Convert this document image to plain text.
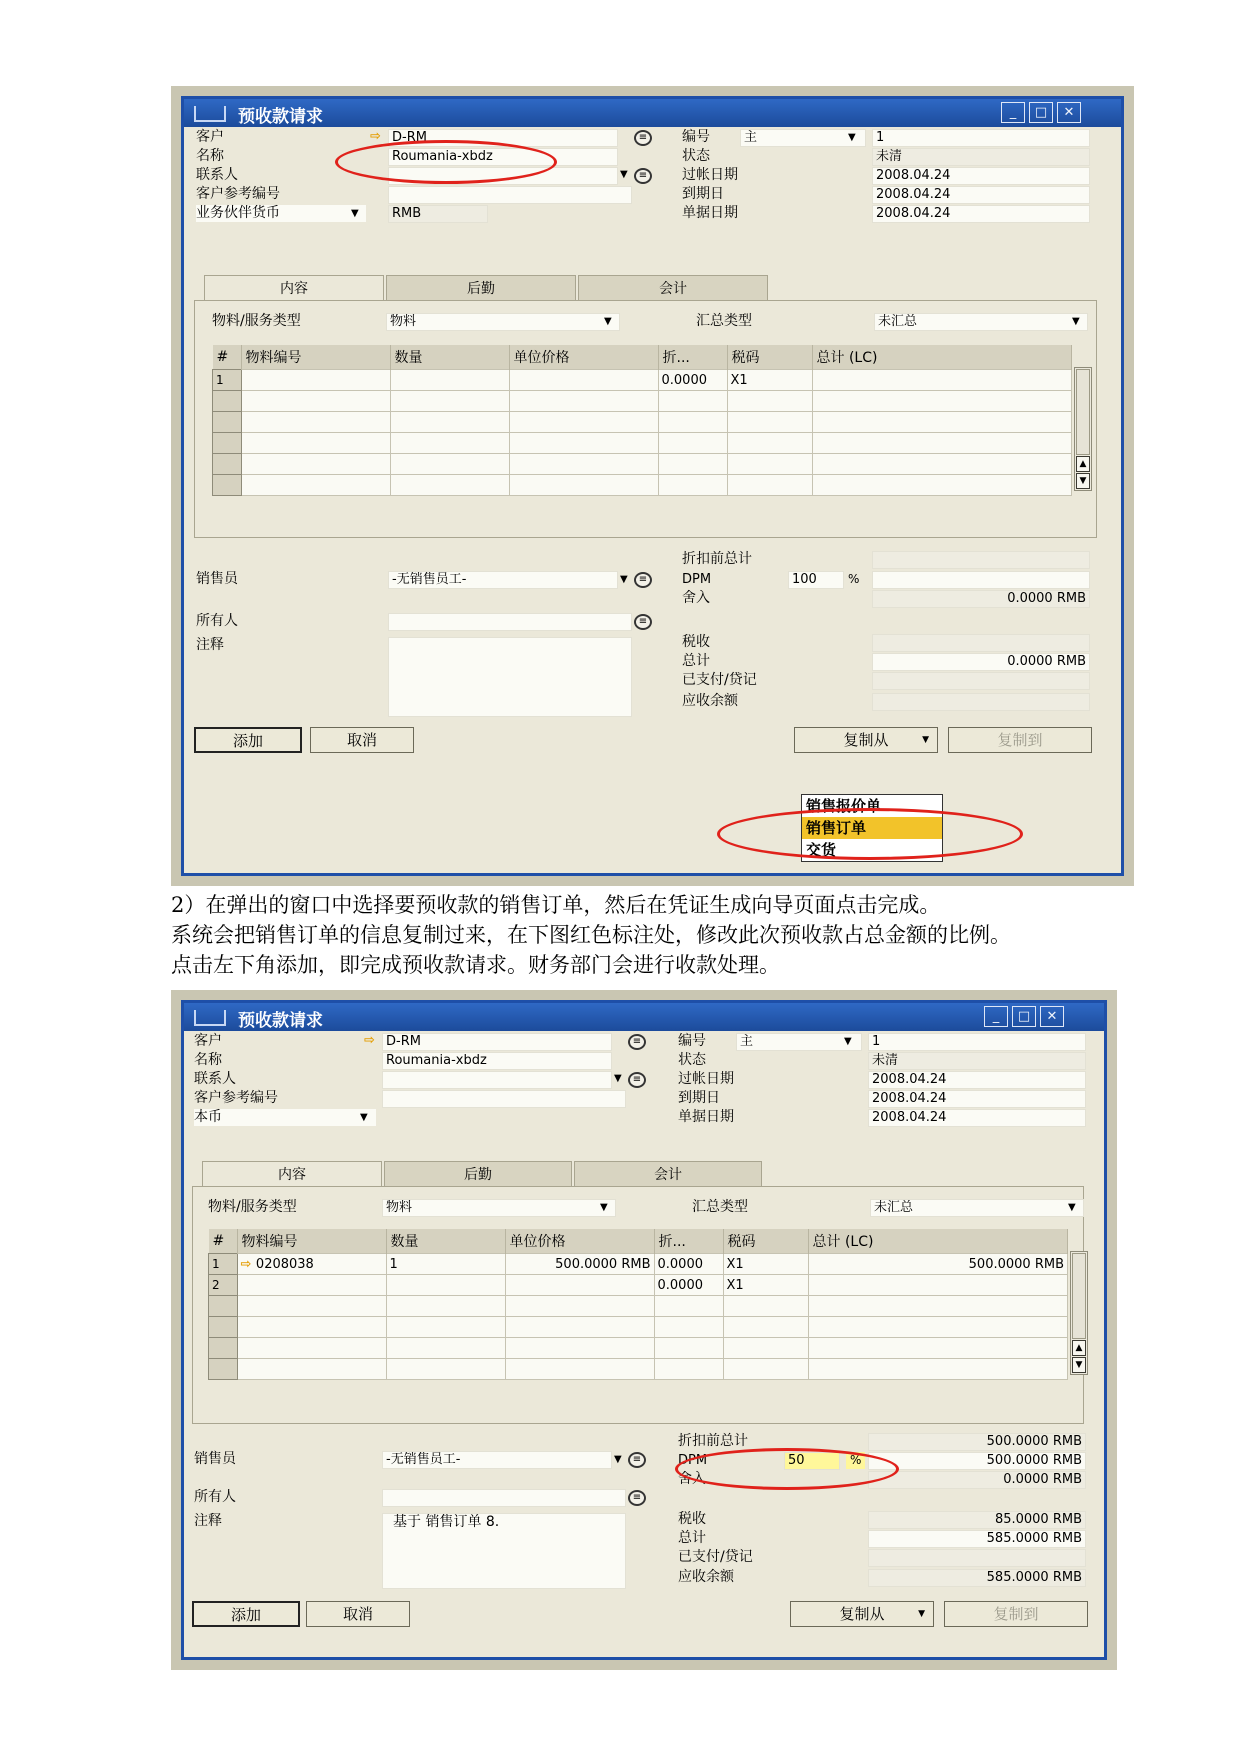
预收款请求	_	□	✕
客户	⇨ D-RM	≡
名称	Roumania-xbdz
联系人	▼	≡
客户参考编号
业务伙伴货币	▼	RMB
编号	主	▼	1
状态	未清
过帐日期	2008.04.24
到期日	2008.04.24
单据日期	2008.04.24
内容	后勤	会计
物料/服务类型	物料	▼	汇总类型	未汇总	▼
#	物料编号	数量	单位价格	折...	税码	总计 (LC)
1				0.0000	X1	

▲
▼
销售员	-无销售员工-	▼	≡
所有人	≡
注释
折扣前总计
DPM	100	%
舍入	0.0000 RMB
税收
总计	0.0000 RMB
已支付/贷记
应收余额
添加	取消	复制从	▼	复制到
销售报价单
销售订单
交货
2）在弹出的窗口中选择要预收款的销售订单，然后在凭证生成向导页面点击完成。
系统会把销售订单的信息复制过来，在下图红色标注处，修改此次预收款占总金额的比例。
点击左下角添加，即完成预收款请求。财务部门会进行收款处理。
预收款请求	_	□	✕
客户	⇨ D-RM	≡
名称	Roumania-xbdz
联系人	▼	≡
客户参考编号
本币	▼
编号	主	▼	1
状态	未清
过帐日期	2008.04.24
到期日	2008.04.24
单据日期	2008.04.24
内容	后勤	会计
物料/服务类型	物料	▼	汇总类型	未汇总	▼
#	物料编号	数量	单位价格	折...	税码	总计 (LC)
1	⇨ 0208038	1	500.0000 RMB	0.0000	X1	500.0000 RMB
2				0.0000	X1	

▲
▼
销售员	-无销售员工-	▼	≡
所有人	≡
注释	基于 销售订单 8.
折扣前总计	500.0000 RMB
DPM	50	%	500.0000 RMB
舍入	0.0000 RMB
税收	85.0000 RMB
总计	585.0000 RMB
已支付/贷记
应收余额	585.0000 RMB
添加	取消	复制从	▼	复制到
